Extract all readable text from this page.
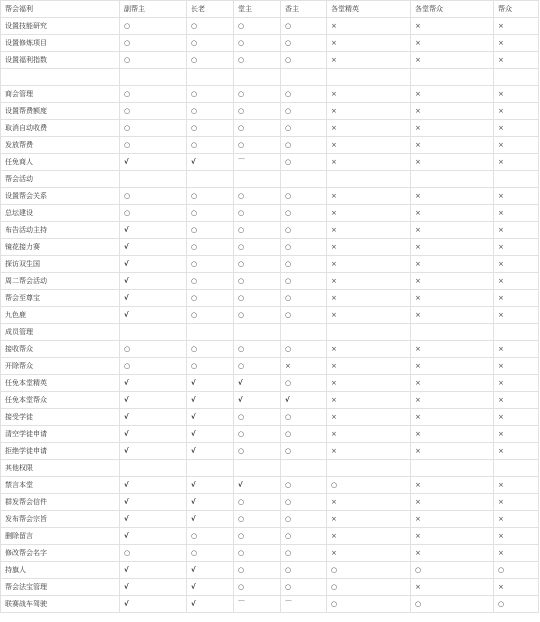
帮会福利	副帮主	长老	堂主	香主	各堂精英	各堂帮众	帮众
设置技能研究	○	○	○	○	×	×	×
设置修炼项目	○	○	○	○	×	×	×
设置福利指数	○	○	○	○	×	×	×

商会管理	○	○	○	○	×	×	×
设置帮费额度	○	○	○	○	×	×	×
取消自动收费	○	○	○	○	×	×	×
发放帮费	○	○	○	○	×	×	×
任免商人	√	√	⌒	○	×	×	×
帮会活动							
设置帮会关系	○	○	○	○	×	×	×
总坛建设	○	○	○	○	×	×	×
布告活动主持	√	○	○	○	×	×	×
镜花接力赛	√	○	○	○	×	×	×
探访双生国	√	○	○	○	×	×	×
周二帮会活动	√	○	○	○	×	×	×
帮会至尊宝	√	○	○	○	×	×	×
九色鹿	√	○	○	○	×	×	×
成员管理							
接收帮众	○	○	○	○	×	×	×
开除帮众	○	○	○	×	×	×	×
任免本堂精英	√	√	√	○	×	×	×
任免本堂帮众	√	√	√	√	×	×	×
接受学徒	√	√	○	○	×	×	×
清空学徒申请	√	√	○	○	×	×	×
拒绝学徒申请	√	√	○	○	×	×	×
其他权限							
禁言本堂	√	√	√	○	○	×	×
群发帮会信件	√	√	○	○	×	×	×
发布帮会宗旨	√	√	○	○	×	×	×
删除留言	√	○	○	○	×	×	×
修改帮会名字	○	○	○	○	×	×	×
持旗人	√	√	○	○	○	○	○
帮会法宝管理	√	√	○	○	○	×	×
联赛战车驾驶	√	√	⌒	⌒	○	○	○
